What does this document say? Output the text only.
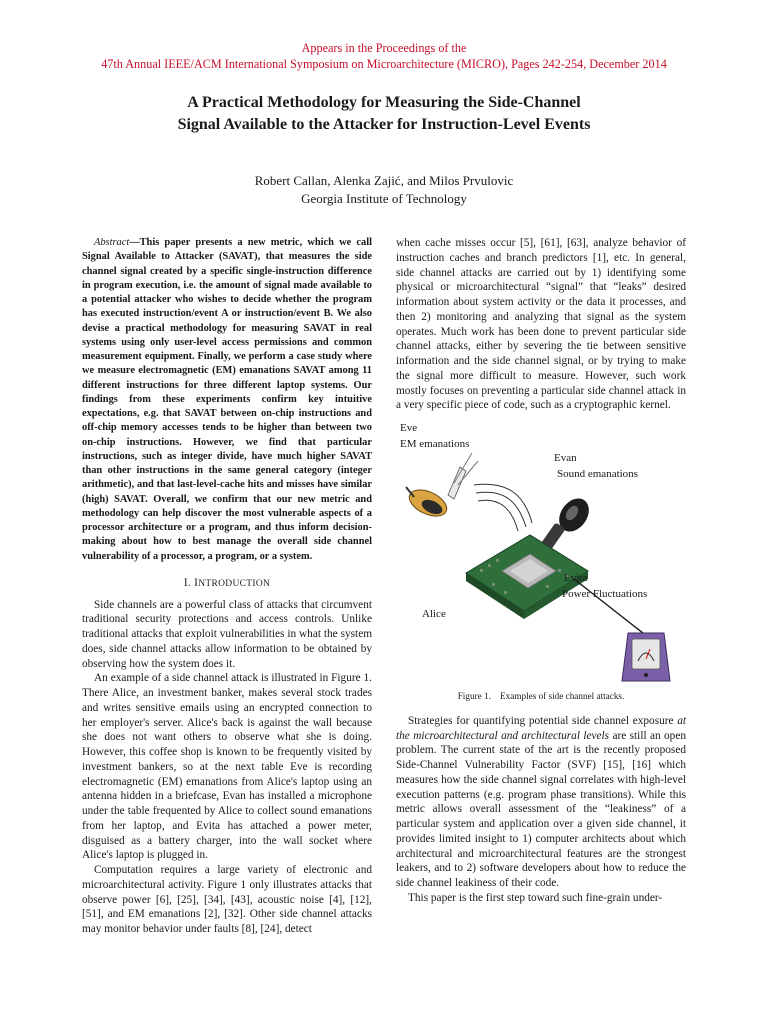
Appears in the Proceedings of the
47th Annual IEEE/ACM International Symposium on Microarchitecture (MICRO), Pages 242-254, December 2014
A Practical Methodology for Measuring the Side-Channel
Signal Available to the Attacker for Instruction-Level Events
Robert Callan, Alenka Zajić, and Milos Prvulovic
Georgia Institute of Technology

Abstract—This paper presents a new metric, which we call Signal Available to Attacker (SAVAT), that measures the side channel signal created by a specific single-instruction difference in program execution, i.e. the amount of signal made available to a potential attacker who wishes to decide whether the program has executed instruction/event A or instruction/event B. We also devise a practical methodology for measuring SAVAT in real systems using only user-level access permissions and common measurement equipment. Finally, we perform a case study where we measure electromagnetic (EM) emanations SAVAT among 11 different instructions for three different laptop systems. Our findings from these experiments confirm key intuitive expectations, e.g. that SAVAT between on-chip instructions and off-chip memory accesses tends to be higher than between two on-chip instructions. However, we find that particular instructions, such as integer divide, have much higher SAVAT than other instructions in the same general category (integer arithmetic), and that last-level-cache hits and misses have similar (high) SAVAT. Overall, we confirm that our new metric and methodology can help discover the most vulnerable aspects of a processor architecture or a program, and thus inform decision-making about how to best manage the overall side channel vulnerability of a processor, a program, or a system.

I. INTRODUCTION

Side channels are a powerful class of attacks that circumvent traditional security protections and access controls. Unlike traditional attacks that exploit vulnerabilities in what the system does, side channel attacks allow information to be obtained by observing how the system does it.

An example of a side channel attack is illustrated in Figure 1. There Alice, an investment banker, makes several stock trades and writes sensitive emails using an encrypted connection to her employer's server. Alice's back is against the wall because she does not want others to observe what she is doing. However, this coffee shop is known to be frequently visited by investment bankers, so at the next table Eve is recording electromagnetic (EM) emanations from Alice's laptop using an antenna hidden in a briefcase, Evan has installed a microphone under the table frequented by Alice to collect sound emanations from her laptop, and Evita has attached a power meter, disguised as a battery charger, into the wall socket where Alice's laptop is plugged in.

Computation requires a large variety of electronic and microarchitectural activity. Figure 1 only illustrates attacks that observe power [6], [25], [34], [43], acoustic noise [4], [12], [51], and EM emanations [2], [32]. Other side channel attacks may monitor behavior under faults [8], [24], detect

when cache misses occur [5], [61], [63], analyze behavior of instruction caches and branch predictors [1], etc. In general, side channel attacks are carried out by 1) identifying some physical or microarchitectural “signal” that “leaks” desired information about system activity or the data it processes, and then 2) monitoring and analyzing that signal as the system operates. Much work has been done to prevent particular side channel attacks, either by severing the tie between sensitive information and the side channel signal, or by trying to make the signal more difficult to measure. However, such work mostly focuses on preventing a particular side channel attack in a very specific piece of code, such as a cryptographic kernel.

Eve
EM emanations
Evan
Sound emanations
Evita
Power Fluctuations
Alice
Figure 1.    Examples of side channel attacks.

Strategies for quantifying potential side channel exposure at the microarchitectural and architectural levels are still an open problem. The current state of the art is the recently proposed Side-Channel Vulnerability Factor (SVF) [15], [16] which measures how the side channel signal correlates with high-level execution patterns (e.g. program phase transitions). While this metric allows overall assessment of the “leakiness” of a particular system and application over a given side channel, it provides limited insight to 1) computer architects about which architectural and microarchitectural features are the strongest leakers, and to 2) software developers about how to reduce the side channel leakiness of their code.

This paper is the first step toward such fine-grain under-
